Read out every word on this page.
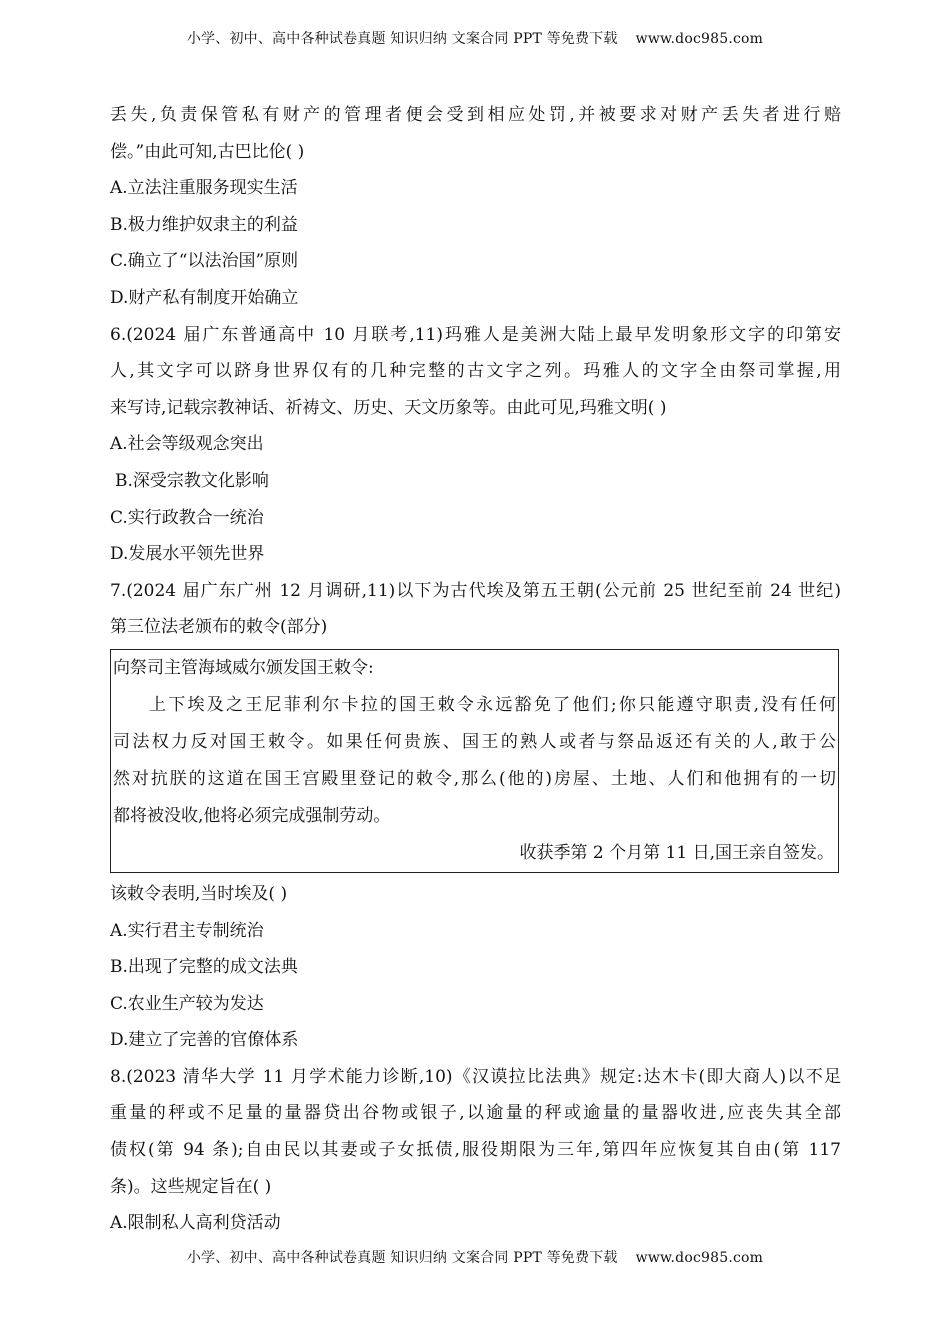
小学、初中、高中各种试卷真题 知识归纳 文案合同 PPT 等免费下载 www.doc985.com
丢失,负责保管私有财产的管理者便会受到相应处罚,并被要求对财产丢失者进行赔
偿。”由此可知,古巴比伦( )
A.立法注重服务现实生活
B.极力维护奴隶主的利益
C.确立了“以法治国”原则
D.财产私有制度开始确立
6.(2024 届广东普通高中 10 月联考,11)玛雅人是美洲大陆上最早发明象形文字的印第安
人,其文字可以跻身世界仅有的几种完整的古文字之列。玛雅人的文字全由祭司掌握,用
来写诗,记载宗教神话、祈祷文、历史、天文历象等。由此可见,玛雅文明( )
A.社会等级观念突出
B.深受宗教文化影响
C.实行政教合一统治
D.发展水平领先世界
7.(2024 届广东广州 12 月调研,11)以下为古代埃及第五王朝(公元前 25 世纪至前 24 世纪)
第三位法老颁布的敕令(部分)
向祭司主管海域威尔颁发国王敕令:
上下埃及之王尼菲利尔卡拉的国王敕令永远豁免了他们;你只能遵守职责,没有任何
司法权力反对国王敕令。如果任何贵族、国王的熟人或者与祭品返还有关的人,敢于公
然对抗朕的这道在国王宫殿里登记的敕令,那么(他的)房屋、土地、人们和他拥有的一切
都将被没收,他将必须完成强制劳动。
收获季第 2 个月第 11 日,国王亲自签发。
该敕令表明,当时埃及( )
A.实行君主专制统治
B.出现了完整的成文法典
C.农业生产较为发达
D.建立了完善的官僚体系
8.(2023 清华大学 11 月学术能力诊断,10)《汉谟拉比法典》规定:达木卡(即大商人)以不足
重量的秤或不足量的量器贷出谷物或银子,以逾量的秤或逾量的量器收进,应丧失其全部
债权(第 94 条);自由民以其妻或子女抵债,服役期限为三年,第四年应恢复其自由(第 117
条)。这些规定旨在( )
A.限制私人高利贷活动
小学、初中、高中各种试卷真题 知识归纳 文案合同 PPT 等免费下载 www.doc985.com
